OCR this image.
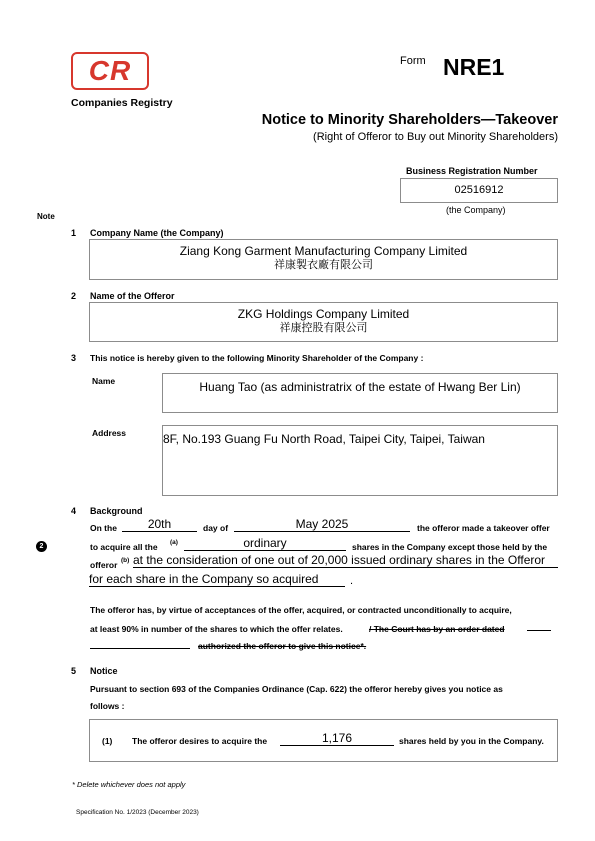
CR
Companies Registry
Form NRE1
Notice to Minority Shareholders—Takeover
(Right of Offeror to Buy out Minority Shareholders)
Business Registration Number
02516912
(the Company)
Note
1 Company Name (the Company)
Ziang Kong Garment Manufacturing Company Limited
祥康製衣廠有限公司
2 Name of the Offeror
ZKG Holdings Company Limited
祥康控股有限公司
3 This notice is hereby given to the following Minority Shareholder of the Company :
Name	Huang Tao (as administratrix of the estate of Hwang Ber Lin)
Address	8F, No.193 Guang Fu North Road, Taipei City, Taipei, Taiwan
4 Background
2
On the	20th	day of	May 2025	the offeror made a takeover offer
to acquire all the (a)	ordinary	shares in the Company except those held by the
offeror (b) at the consideration of one out of 20,000 issued ordinary shares in the Offeror
for each share in the Company so acquired	.
The offeror has, by virtue of acceptances of the offer, acquired, or contracted unconditionally to acquire,
at least 90% in number of the shares to which the offer relates.	/ The Court has by an order dated
authorized the offeror to give this notice*.
5 Notice
Pursuant to section 693 of the Companies Ordinance (Cap. 622) the offeror hereby gives you notice as
follows :
(1) The offeror desires to acquire the	1,176	shares held by you in the Company.
* Delete whichever does not apply
Specification No. 1/2023 (December 2023)
